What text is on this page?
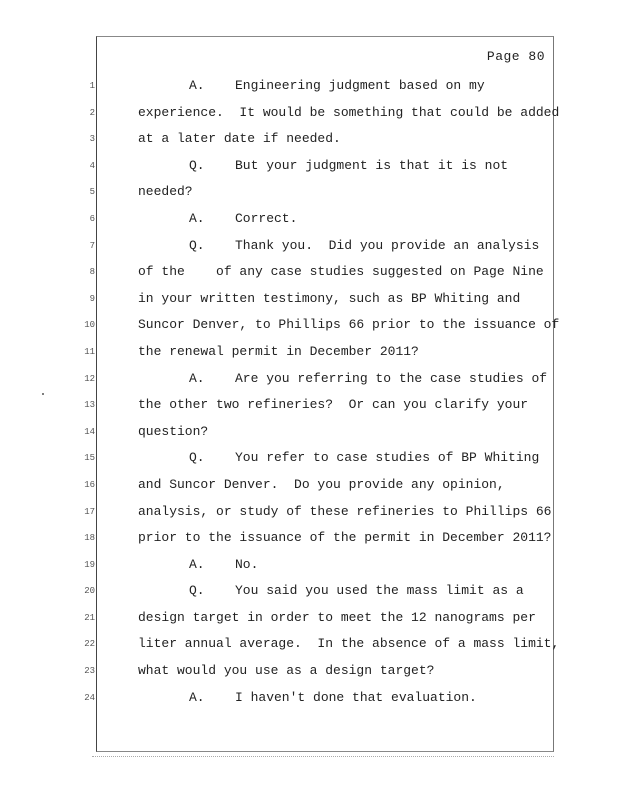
Page 80
1	A. Engineering judgment based on my
2	experience.  It would be something that could be added
3	at a later date if needed.
4	Q. But your judgment is that it is not
5	needed?
6	A. Correct.
7	Q. Thank you.  Did you provide an analysis
8	of the    of any case studies suggested on Page Nine
9	in your written testimony, such as BP Whiting and
10	Suncor Denver, to Phillips 66 prior to the issuance of
11	the renewal permit in December 2011?
12	A. Are you referring to the case studies of
13	the other two refineries?  Or can you clarify your
14	question?
15	Q. You refer to case studies of BP Whiting
16	and Suncor Denver.  Do you provide any opinion,
17	analysis, or study of these refineries to Phillips 66
18	prior to the issuance of the permit in December 2011?
19	A. No.
20	Q. You said you used the mass limit as a
21	design target in order to meet the 12 nanograms per
22	liter annual average.  In the absence of a mass limit,
23	what would you use as a design target?
24	A. I haven't done that evaluation.
